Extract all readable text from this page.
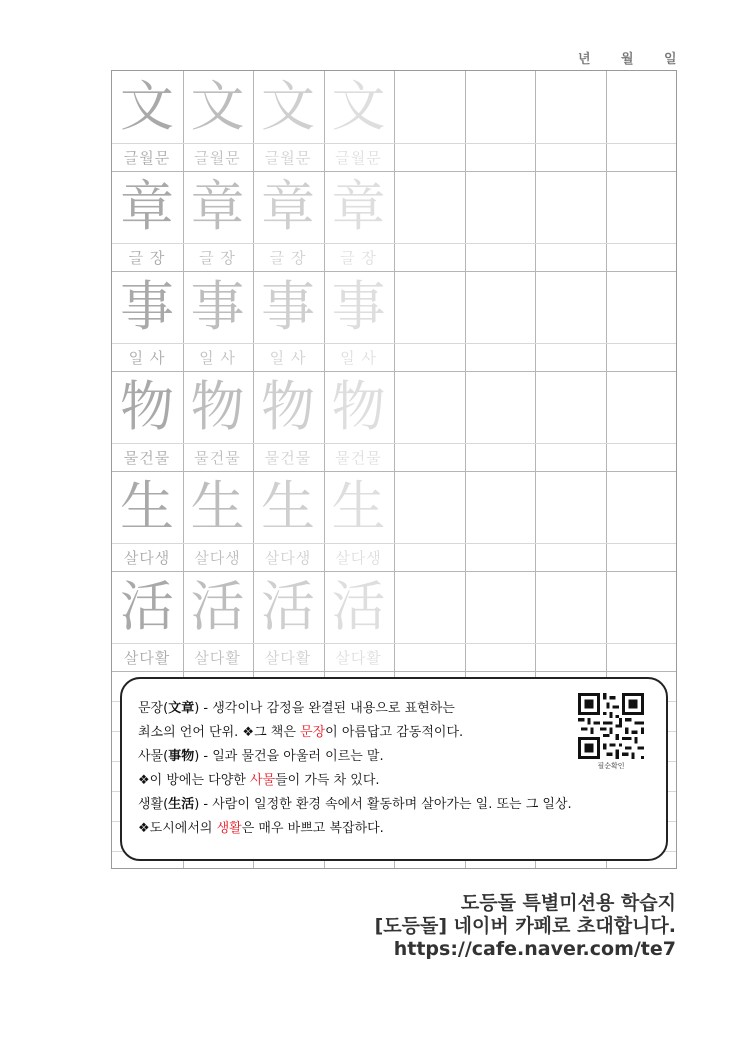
년 월 일
文
글월문
文
글월문
文
글월문
文
글월문
章
글 장
章
글 장
章
글 장
章
글 장
事
일 사
事
일 사
事
일 사
事
일 사
物
물건물
物
물건물
物
물건물
物
물건물
生
살다생
生
살다생
生
살다생
生
살다생
活
살다활
活
살다활
活
살다활
活
살다활
문장(文章) - 생각이나 감정을 완결된 내용으로 표현하는
최소의 언어 단위. ❖그 책은 문장이 아름답고 감동적이다.
사물(事物) - 일과 물건을 아울러 이르는 말.
❖이 방에는 다양한 사물들이 가득 차 있다.
생활(生活) - 사람이 일정한 환경 속에서 활동하며 살아가는 일. 또는 그 일상.
❖도시에서의 생활은 매우 바쁘고 복잡하다.
필순확인
도등돌 특별미션용 학습지
[도등돌] 네이버 카페로 초대합니다.
https://cafe.naver.com/te7
